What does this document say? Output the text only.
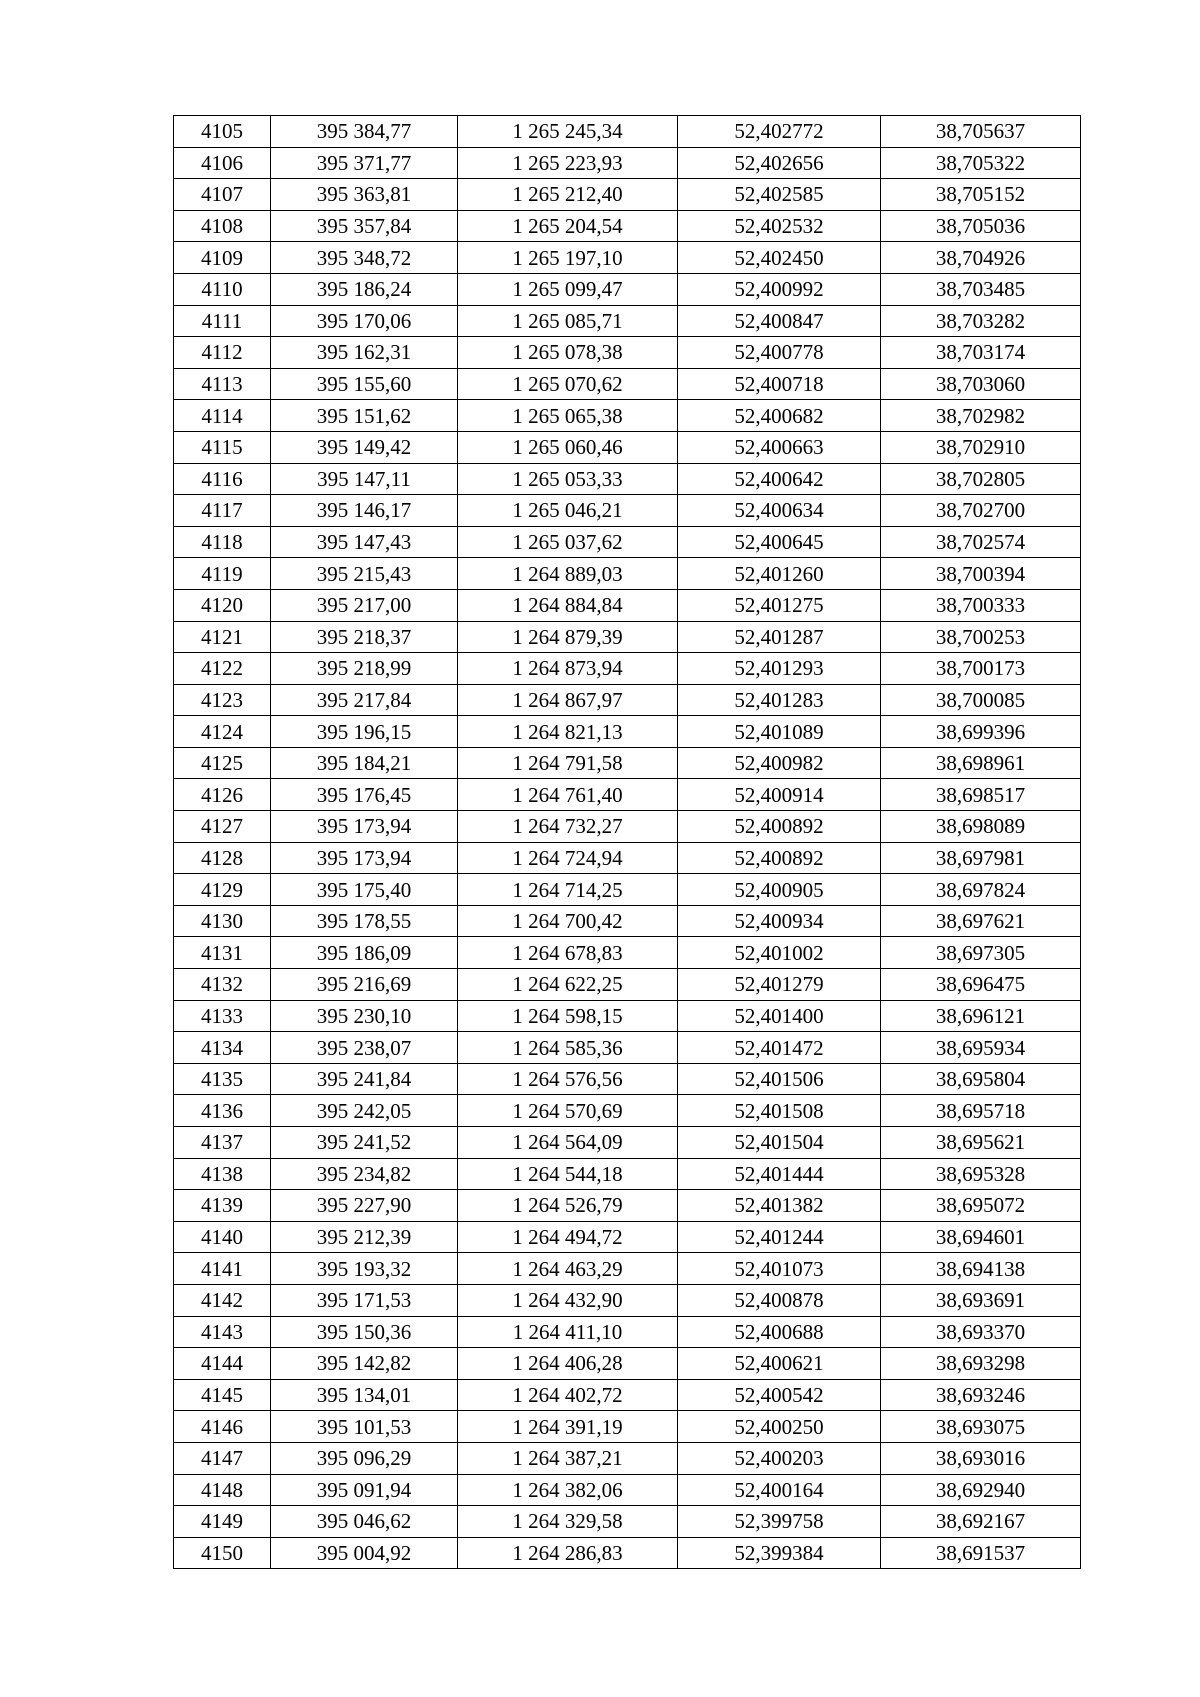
4105	395 384,77	1 265 245,34	52,402772	38,705637
4106	395 371,77	1 265 223,93	52,402656	38,705322
4107	395 363,81	1 265 212,40	52,402585	38,705152
4108	395 357,84	1 265 204,54	52,402532	38,705036
4109	395 348,72	1 265 197,10	52,402450	38,704926
4110	395 186,24	1 265 099,47	52,400992	38,703485
4111	395 170,06	1 265 085,71	52,400847	38,703282
4112	395 162,31	1 265 078,38	52,400778	38,703174
4113	395 155,60	1 265 070,62	52,400718	38,703060
4114	395 151,62	1 265 065,38	52,400682	38,702982
4115	395 149,42	1 265 060,46	52,400663	38,702910
4116	395 147,11	1 265 053,33	52,400642	38,702805
4117	395 146,17	1 265 046,21	52,400634	38,702700
4118	395 147,43	1 265 037,62	52,400645	38,702574
4119	395 215,43	1 264 889,03	52,401260	38,700394
4120	395 217,00	1 264 884,84	52,401275	38,700333
4121	395 218,37	1 264 879,39	52,401287	38,700253
4122	395 218,99	1 264 873,94	52,401293	38,700173
4123	395 217,84	1 264 867,97	52,401283	38,700085
4124	395 196,15	1 264 821,13	52,401089	38,699396
4125	395 184,21	1 264 791,58	52,400982	38,698961
4126	395 176,45	1 264 761,40	52,400914	38,698517
4127	395 173,94	1 264 732,27	52,400892	38,698089
4128	395 173,94	1 264 724,94	52,400892	38,697981
4129	395 175,40	1 264 714,25	52,400905	38,697824
4130	395 178,55	1 264 700,42	52,400934	38,697621
4131	395 186,09	1 264 678,83	52,401002	38,697305
4132	395 216,69	1 264 622,25	52,401279	38,696475
4133	395 230,10	1 264 598,15	52,401400	38,696121
4134	395 238,07	1 264 585,36	52,401472	38,695934
4135	395 241,84	1 264 576,56	52,401506	38,695804
4136	395 242,05	1 264 570,69	52,401508	38,695718
4137	395 241,52	1 264 564,09	52,401504	38,695621
4138	395 234,82	1 264 544,18	52,401444	38,695328
4139	395 227,90	1 264 526,79	52,401382	38,695072
4140	395 212,39	1 264 494,72	52,401244	38,694601
4141	395 193,32	1 264 463,29	52,401073	38,694138
4142	395 171,53	1 264 432,90	52,400878	38,693691
4143	395 150,36	1 264 411,10	52,400688	38,693370
4144	395 142,82	1 264 406,28	52,400621	38,693298
4145	395 134,01	1 264 402,72	52,400542	38,693246
4146	395 101,53	1 264 391,19	52,400250	38,693075
4147	395 096,29	1 264 387,21	52,400203	38,693016
4148	395 091,94	1 264 382,06	52,400164	38,692940
4149	395 046,62	1 264 329,58	52,399758	38,692167
4150	395 004,92	1 264 286,83	52,399384	38,691537
